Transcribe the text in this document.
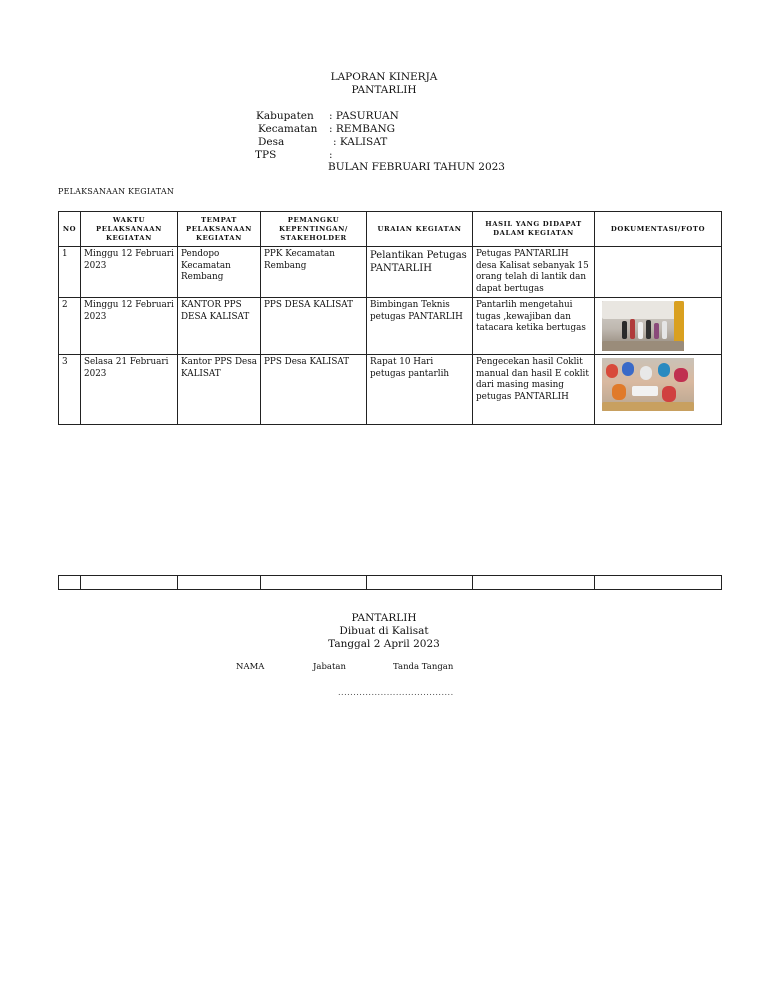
LAPORAN KINERJA
PANTARLIH
Kabupaten : PASURUAN
Kecamatan : REMBANG
Desa	: KALISAT
TPS	:
BULAN FEBRUARI TAHUN 2023
PELAKSANAAN KEGIATAN
NO	WAKTU PELAKSANAAN KEGIATAN	TEMPAT PELAKSANAAN KEGIATAN	PEMANGKU KEPENTINGAN/ STAKEHOLDER	URAIAN KEGIATAN	HASIL YANG DIDAPAT DALAM KEGIATAN	DOKUMENTASI/FOTO
1	Minggu 12 Februari 2023	Pendopo Kecamatan Rembang	PPK Kecamatan Rembang	Pelantikan Petugas PANTARLIH	Petugas PANTARLIH desa Kalisat sebanyak 15 orang telah di lantik dan dapat bertugas	
2	Minggu 12 Februari 2023	KANTOR PPS DESA KALISAT	PPS DESA KALISAT	Bimbingan Teknis petugas PANTARLIH	Pantarlih mengetahui tugas ,kewajiban dan tatacara ketika bertugas	

3	Selasa 21 Februari 2023	Kantor PPS Desa KALISAT	PPS Desa KALISAT	Rapat 10 Hari petugas pantarlih	Pengecekan hasil Coklit manual dan hasil E coklit dari masing masing petugas PANTARLIH	

PANTARLIH
Dibuat di Kalisat
Tanggal 2 April 2023
NAMA	Jabatan	Tanda Tangan
......................................
